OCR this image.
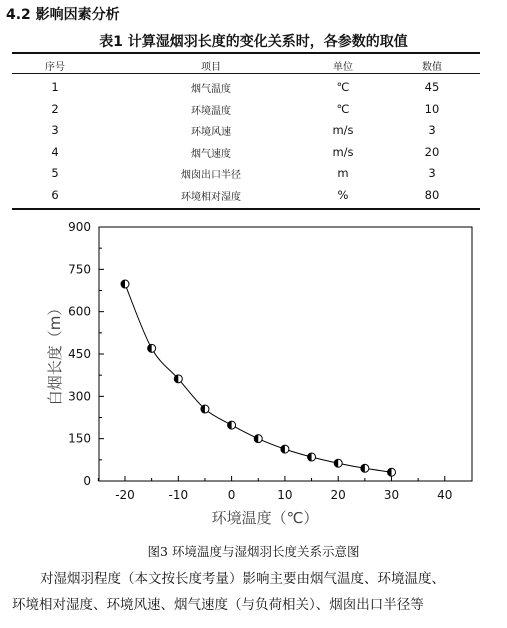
4.2 影响因素分析
表1 计算湿烟羽长度的变化关系时，各参数的取值
序号	项目	单位	数值
1	烟气温度	℃	45
2	环境温度	℃	10
3	环境风速	m/s	3
4	烟气速度	m/s	20
5	烟囱出口半径	m	3
6	环境相对湿度	%	80
-20	-10	0	10	20	30	40
0
150
300
450
600
750
900
环境温度（℃）
白烟长度（m）
图3 环境温度与湿烟羽长度关系示意图
对湿烟羽程度（本文按长度考量）影响主要由烟气温度、环境温度、
环境相对湿度、环境风速、烟气速度（与负荷相关）、烟囱出口半径等
